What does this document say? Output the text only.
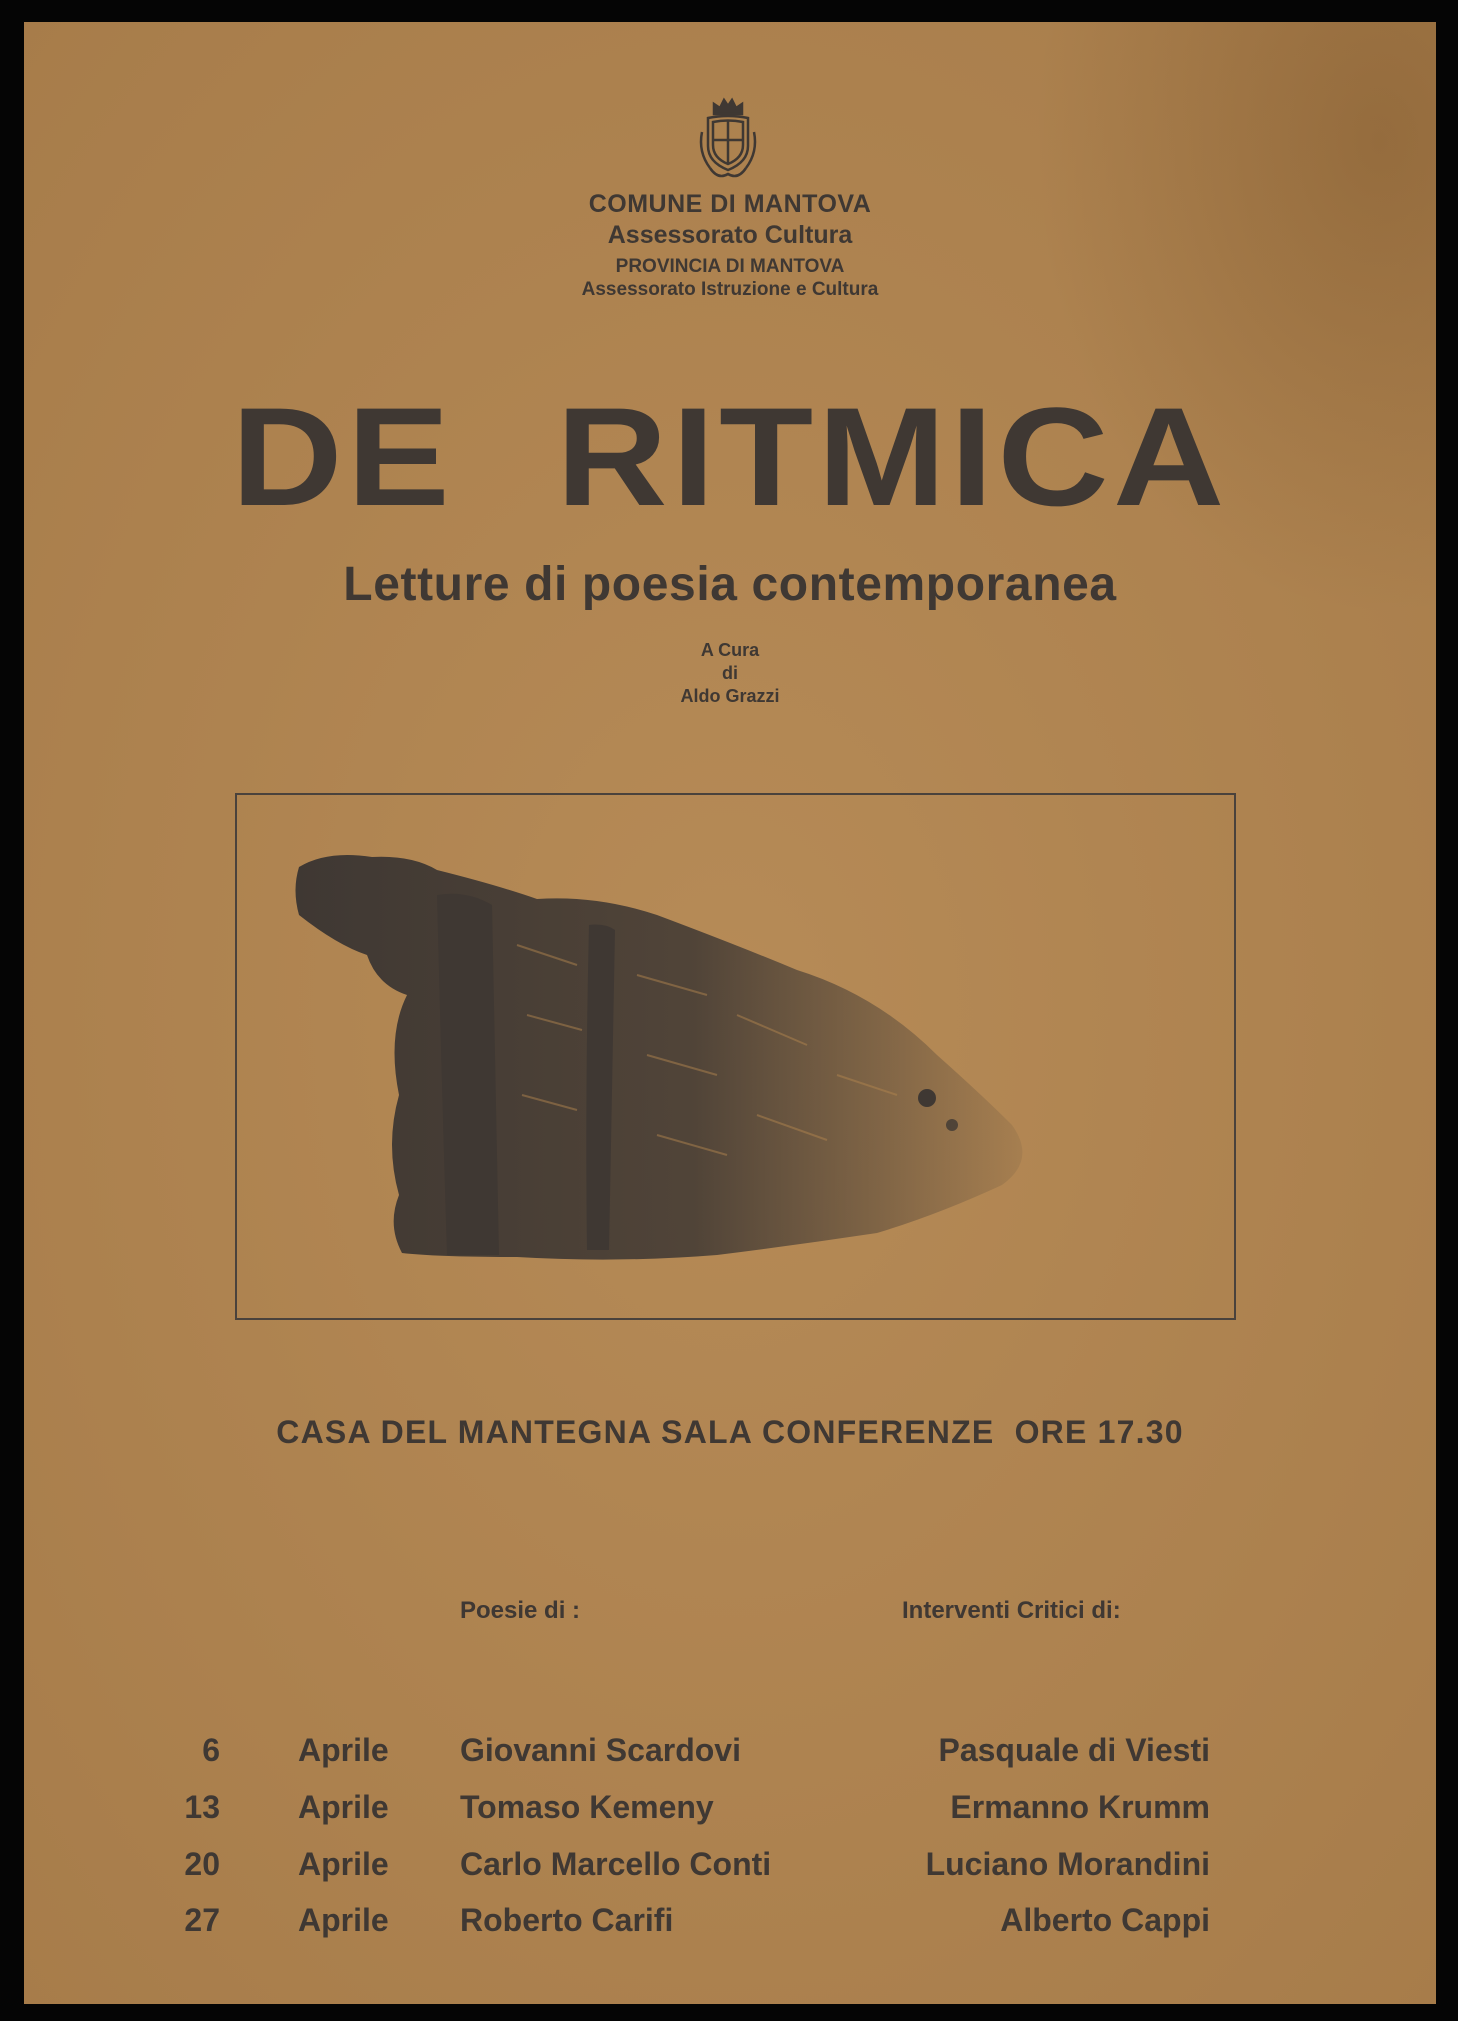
COMUNE DI MANTOVA
Assessorato Cultura
PROVINCIA DI MANTOVA
Assessorato Istruzione e Cultura
DE RITMICA
Letture di poesia contemporanea
A Cura
di
Aldo Grazzi
CASA DEL MANTEGNA SALA CONFERENZE  ORE 17.30
Poesie di :	Interventi Critici di:
6 Aprile Giovanni Scardovi	Pasquale di Viesti
13 Aprile Tomaso Kemeny	Ermanno Krumm
20 Aprile Carlo Marcello Conti	Luciano Morandini
27 Aprile Roberto Carifi	Alberto Cappi
